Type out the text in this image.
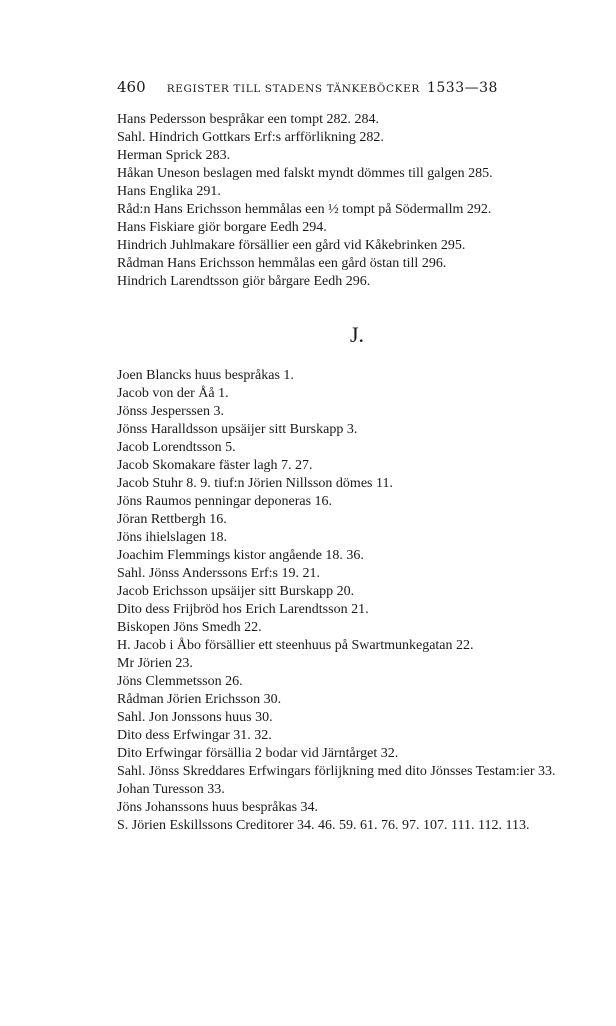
460 REGISTER TILL STADENS TÄNKEBÖCKER 1533—38
Hans Pedersson bespråkar een tompt 282. 284.
Sahl. Hindrich Gottkars Erf:s arfförlikning 282.
Herman Sprick 283.
Håkan Uneson beslagen med falskt myndt dömmes till galgen 285.
Hans Englika 291.
Råd:n Hans Erichsson hemmålas een ½ tompt på Södermallm 292.
Hans Fiskiare giör borgare Eedh 294.
Hindrich Juhlmakare försällier een gård vid Kåkebrinken 295.
Rådman Hans Erichsson hemmålas een gård östan till 296.
Hindrich Larendtsson giör bårgare Eedh 296.
J.
Joen Blancks huus bespråkas 1.
Jacob von der Åå 1.
Jönss Jesperssen 3.
Jönss Haralldsson upsäijer sitt Burskapp 3.
Jacob Lorendtsson 5.
Jacob Skomakare fäster lagh 7. 27.
Jacob Stuhr 8. 9. tiuf:n Jörien Nillsson dömes 11.
Jöns Raumos penningar deponeras 16.
Jöran Rettbergh 16.
Jöns ihielslagen 18.
Joachim Flemmings kistor angående 18. 36.
Sahl. Jönss Anderssons Erf:s 19. 21.
Jacob Erichsson upsäijer sitt Burskapp 20.
Dito dess Frijbröd hos Erich Larendtsson 21.
Biskopen Jöns Smedh 22.
H. Jacob i Åbo försällier ett steenhuus på Swartmunkegatan 22.
Mr Jörien 23.
Jöns Clemmetsson 26.
Rådman Jörien Erichsson 30.
Sahl. Jon Jonssons huus 30.
Dito dess Erfwingar 31. 32.
Dito Erfwingar försällia 2 bodar vid Järntårget 32.
Sahl. Jönss Skreddares Erfwingars förlijkning med dito Jönsses Testam:ier 33.
Johan Turesson 33.
Jöns Johanssons huus bespråkas 34.
S. Jörien Eskillssons Creditorer 34. 46. 59. 61. 76. 97. 107. 111. 112. 113.
